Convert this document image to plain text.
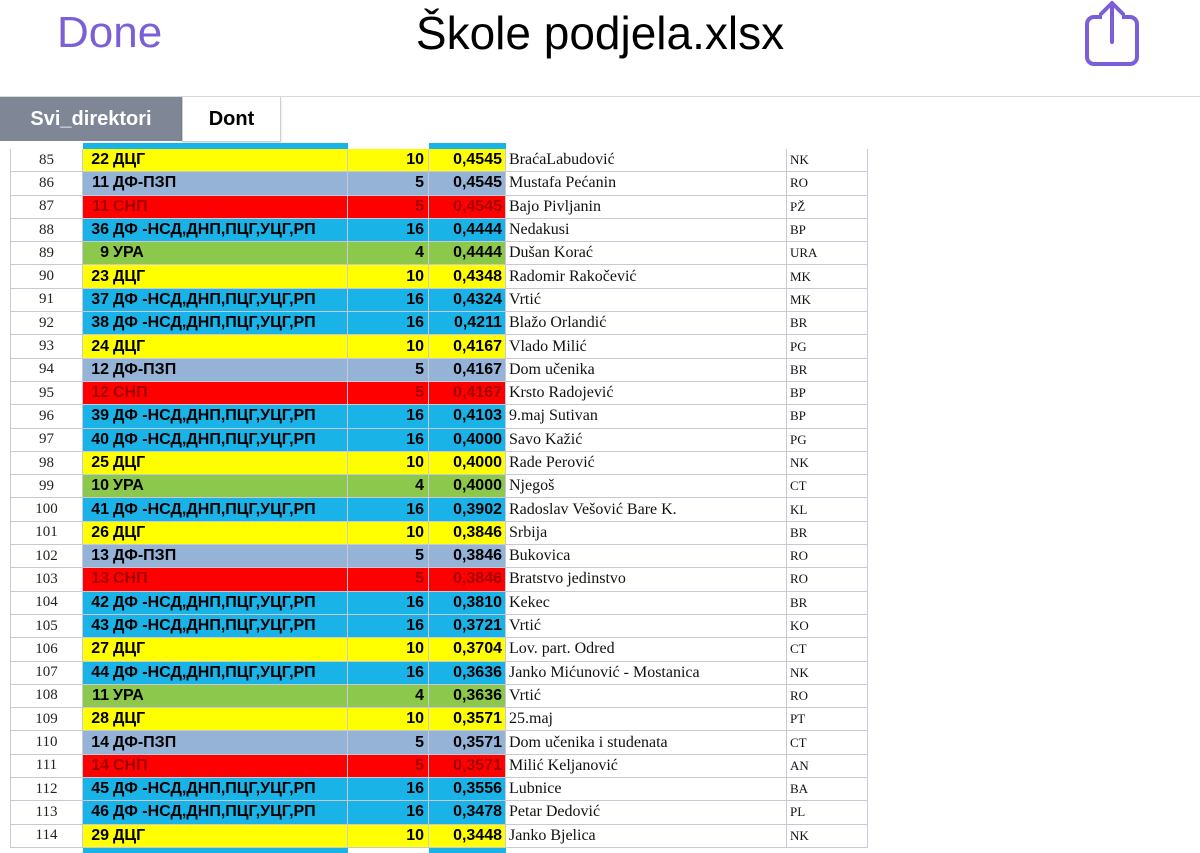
Done	Škole podjela.xlsx
Svi_direktori	Dont
85	22 ДЦГ	10	0,4545 BraćaLabudović	NK
86	11 ДФ-ПЗП	5	0,4545 Mustafa Pećanin	RO
87	11 СНП	5	0,4545 Bajo Pivljanin	PŽ
88	36 ДФ -НСД,ДНП,ПЦГ,УЦГ,РП	16	0,4444 Nedakusi	BP
89	9 УРА	4	0,4444 Dušan Korać	URA
90	23 ДЦГ	10	0,4348 Radomir Rakočević	MK
91	37 ДФ -НСД,ДНП,ПЦГ,УЦГ,РП	16	0,4324 Vrtić	MK
92	38 ДФ -НСД,ДНП,ПЦГ,УЦГ,РП	16	0,4211 Blažo Orlandić	BR
93	24 ДЦГ	10	0,4167 Vlado Milić	PG
94	12 ДФ-ПЗП	5	0,4167 Dom učenika	BR
95	12 СНП	5	0,4167 Krsto Radojević	BP
96	39 ДФ -НСД,ДНП,ПЦГ,УЦГ,РП	16	0,4103 9.maj Sutivan	BP
97	40 ДФ -НСД,ДНП,ПЦГ,УЦГ,РП	16	0,4000 Savo Kažić	PG
98	25 ДЦГ	10	0,4000 Rade Perović	NK
99	10 УРА	4	0,4000 Njegoš	CT
100	41 ДФ -НСД,ДНП,ПЦГ,УЦГ,РП	16	0,3902 Radoslav Vešović Bare K.	KL
101	26 ДЦГ	10	0,3846 Srbija	BR
102	13 ДФ-ПЗП	5	0,3846 Bukovica	RO
103	13 СНП	5	0,3846 Bratstvo jedinstvo	RO
104	42 ДФ -НСД,ДНП,ПЦГ,УЦГ,РП	16	0,3810 Kekec	BR
105	43 ДФ -НСД,ДНП,ПЦГ,УЦГ,РП	16	0,3721 Vrtić	KO
106	27 ДЦГ	10	0,3704 Lov. part. Odred	CT
107	44 ДФ -НСД,ДНП,ПЦГ,УЦГ,РП	16	0,3636 Janko Mićunović - Mostanica	NK
108	11 УРА	4	0,3636 Vrtić	RO
109	28 ДЦГ	10	0,3571 25.maj	PT
110	14 ДФ-ПЗП	5	0,3571 Dom učenika i studenata	CT
111	14 СНП	5	0,3571 Milić Keljanović	AN
112	45 ДФ -НСД,ДНП,ПЦГ,УЦГ,РП	16	0,3556 Lubnice	BA
113	46 ДФ -НСД,ДНП,ПЦГ,УЦГ,РП	16	0,3478 Petar Dedović	PL
114	29 ДЦГ	10	0,3448 Janko Bjelica	NK
